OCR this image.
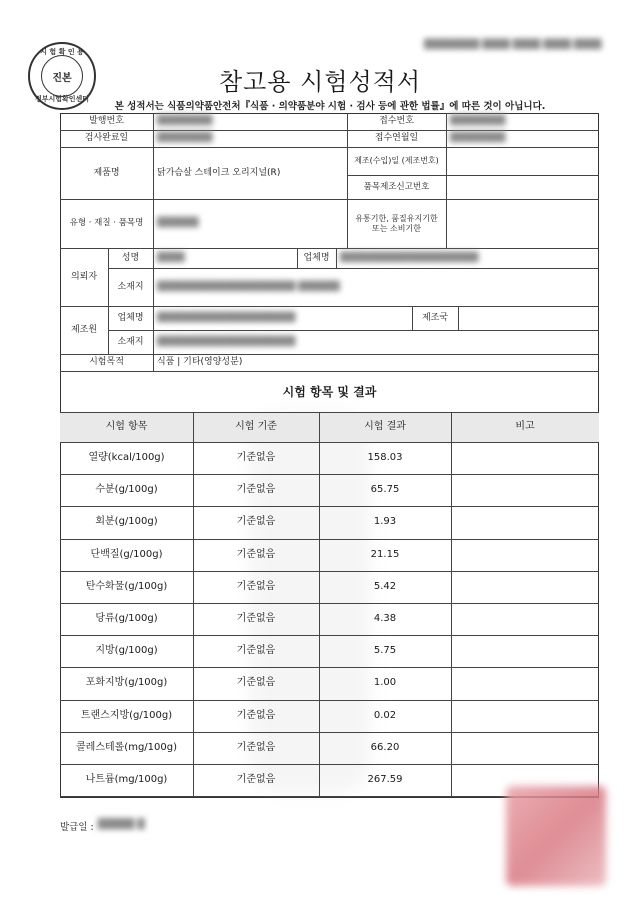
████████ ████ ████ ████ ████
시 험 확 인 용
진본
정부시험확인센터
참고용 시험성적서
본 성적서는 식품의약품안전처『식품 · 의약품분야 시험 · 검사 등에 관한 법률』에 따른 것이 아닙니다.
발행번호	████████	접수번호	████████
검사완료일	████████	접수연월일	████████
제품명	닭가슴살 스테이크 오리지널(R)
제조(수입)일 (제조번호)
품목제조신고번호
유형 · 재질 · 품목명	██████	유통기한, 품질유지기한 또는 소비기한
의뢰자
성명	████	업체명	████████████████████
소재지	████████████████████ ██████
제조원
업체명	████████████████████	제조국
소재지	████████████████████
시험목적	식품 | 기타(영양성분)
시험 항목 및 결과
시험 항목	시험 기준	시험 결과	비고
열량(kcal/100g)	기준없음	158.03
수분(g/100g)	기준없음	65.75
회분(g/100g)	기준없음	1.93
단백질(g/100g)	기준없음	21.15
탄수화물(g/100g)	기준없음	5.42
당류(g/100g)	기준없음	4.38
지방(g/100g)	기준없음	5.75
포화지방(g/100g)	기준없음	1.00
트랜스지방(g/100g)	기준없음	0.02
콜레스테롤(mg/100g)	기준없음	66.20
나트륨(mg/100g)	기준없음	267.59
발급일 : █████ █
